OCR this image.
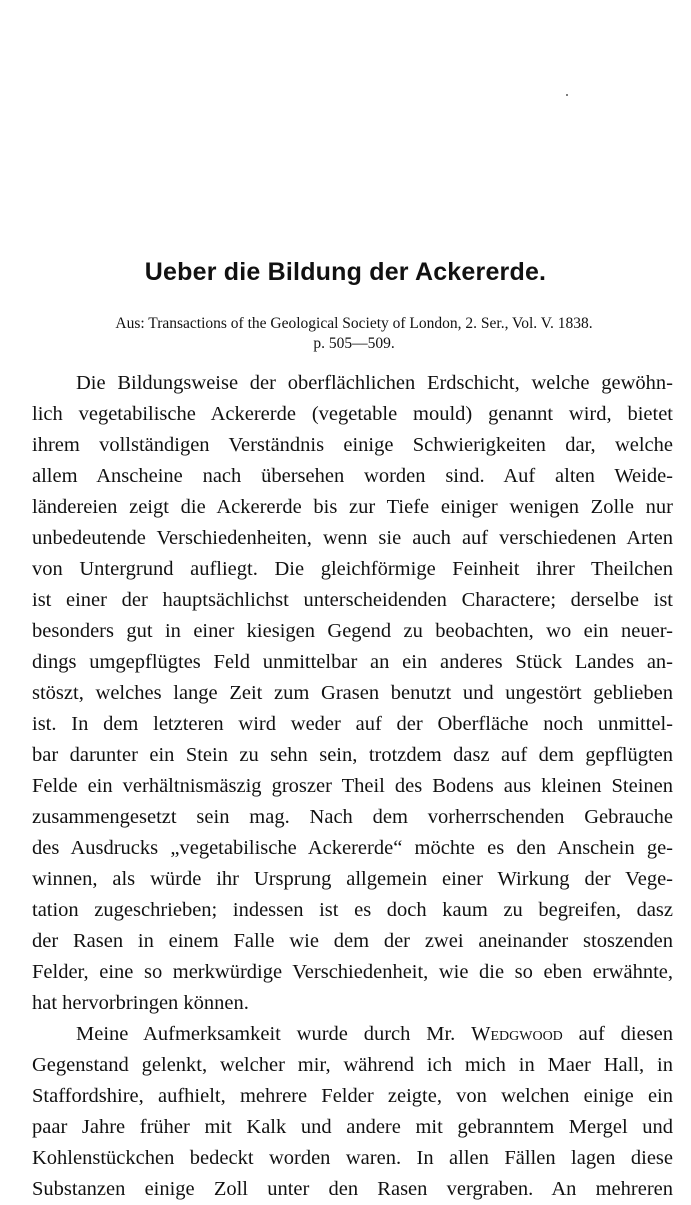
Ueber die Bildung der Ackererde.

Aus: Transactions of the Geological Society of London, 2. Ser., Vol. V. 1838.
p. 505—509.

Die Bildungsweise der oberflächlichen Erdschicht, welche gewöhn-
lich vegetabilische Ackererde (vegetable mould) genannt wird, bietet
ihrem vollständigen Verständnis einige Schwierigkeiten dar, welche
allem Anscheine nach übersehen worden sind. Auf alten Weide-
ländereien zeigt die Ackererde bis zur Tiefe einiger wenigen Zolle nur
unbedeutende Verschiedenheiten, wenn sie auch auf verschiedenen Arten
von Untergrund aufliegt. Die gleichförmige Feinheit ihrer Theilchen
ist einer der hauptsächlichst unterscheidenden Charactere; derselbe ist
besonders gut in einer kiesigen Gegend zu beobachten, wo ein neuer-
dings umgepflügtes Feld unmittelbar an ein anderes Stück Landes an-
stöszt, welches lange Zeit zum Grasen benutzt und ungestört geblieben
ist. In dem letzteren wird weder auf der Oberfläche noch unmittel-
bar darunter ein Stein zu sehn sein, trotzdem dasz auf dem gepflügten
Felde ein verhältnismäszig groszer Theil des Bodens aus kleinen Steinen
zusammengesetzt sein mag. Nach dem vorherrschenden Gebrauche
des Ausdrucks „vegetabilische Ackererde“ möchte es den Anschein ge-
winnen, als würde ihr Ursprung allgemein einer Wirkung der Vege-
tation zugeschrieben; indessen ist es doch kaum zu begreifen, dasz
der Rasen in einem Falle wie dem der zwei aneinander stoszenden
Felder, eine so merkwürdige Verschiedenheit, wie die so eben erwähnte,
hat hervorbringen können.
Meine Aufmerksamkeit wurde durch Mr. Wedgwood auf diesen
Gegenstand gelenkt, welcher mir, während ich mich in Maer Hall, in
Staffordshire, aufhielt, mehrere Felder zeigte, von welchen einige ein
paar Jahre früher mit Kalk und andere mit gebranntem Mergel und
Kohlenstückchen bedeckt worden waren. In allen Fällen lagen diese
Substanzen einige Zoll unter den Rasen vergraben. An mehreren
